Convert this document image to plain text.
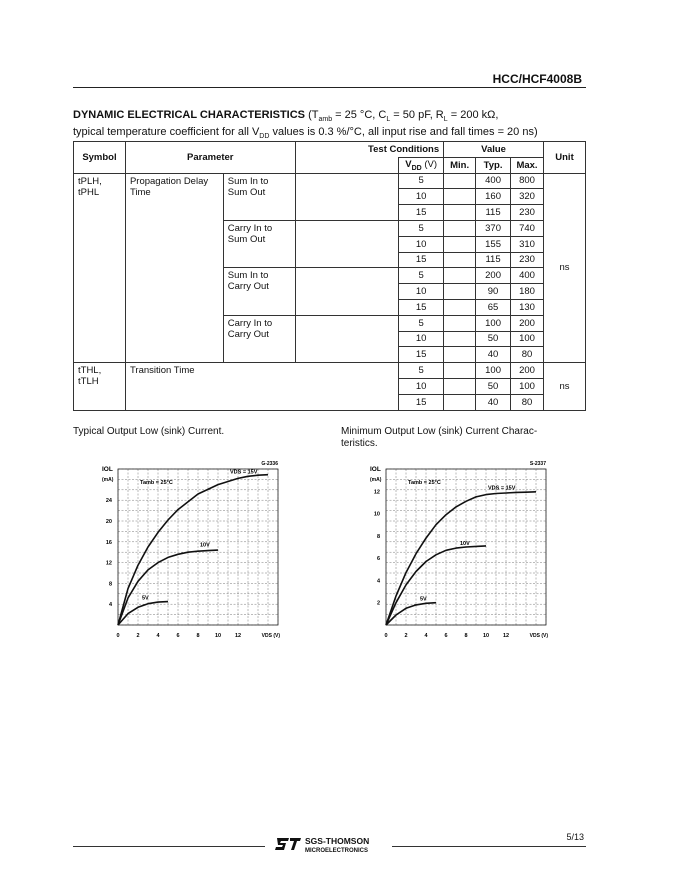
HCC/HCF4008B
DYNAMIC ELECTRICAL CHARACTERISTICS ($T_{amb} = 25$ °C, $C_L = 50$ pF, $R_L = 200$ kΩ,
typical temperature coefficient for all $V_{DD}$ values is 0.3 %/°C, all input rise and fall times = 20 ns)
Symbol	Parameter		Test Conditions		Value			Unit
				$V_{DD}$ (V)	Min.	Typ.	Max.	
tPLH, tPHL	Propagation Delay Time	Sum In to Sum Out		5		400	800	ns
				10		160	320	
				15		115	230	
		Carry In to Sum Out		5		370	740	
				10		155	310	
				15		115	230	
		Sum In to Carry Out		5		200	400	
				10		90	180	
				15		65	130	
		Carry In to Carry Out		5		100	200	
				10		50	100	
				15		40	80	
tTHL, tTLH	Transition Time			5		100	200	ns
				10		50	100	
				15		40	80	
Typical Output Low (sink) Current.	Minimum Output Low (sink) Current Charac- teristics.
IOL
(mA)
VDS (V)
G-2336
Tamb = 25°C
0	2	4	6	8	10	12
4
8
12
16
20
24
VDS = 15V
10V
5V
IOL
(mA)
VDS (V)
S-2337
Tamb = 25°C
0	2	4	6	8	10	12
2
4
6
8
10
12
VDS = 15V
10V
5V
SGS-THOMSON
MICROELECTRONICS
5/13
